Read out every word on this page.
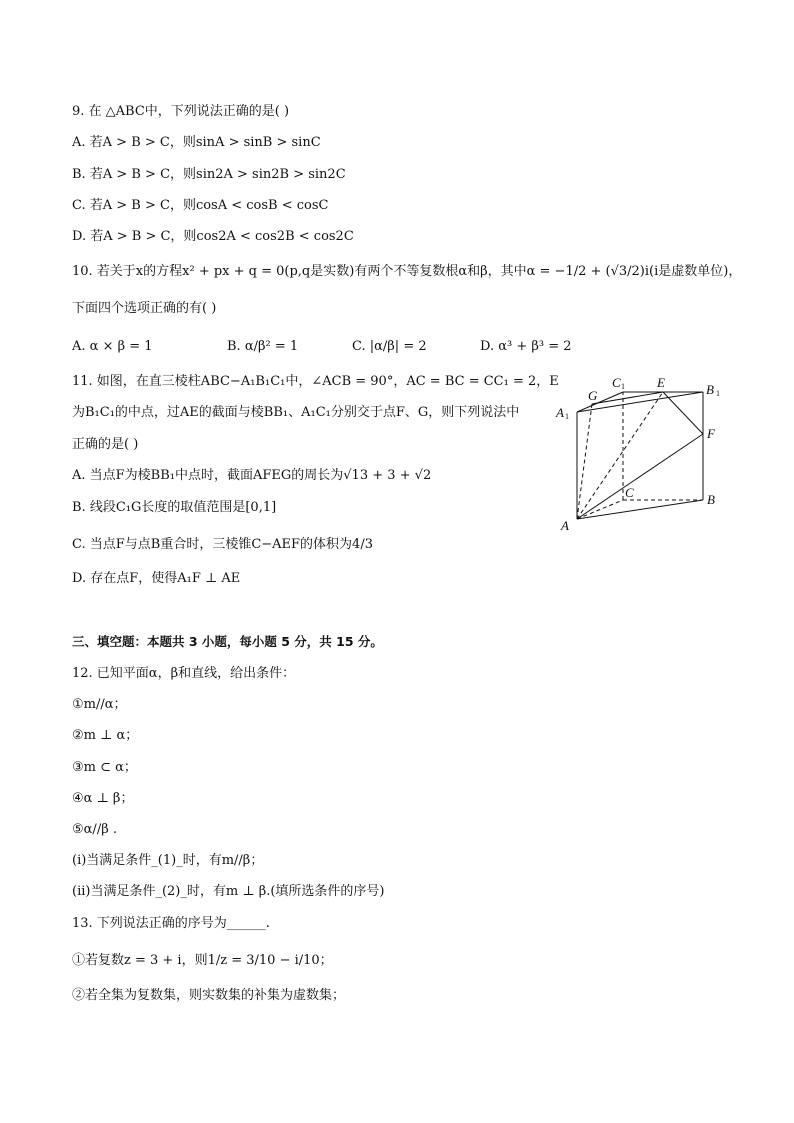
9. 在 △ABC中，下列说法正确的是( )
A. 若A > B > C，则sinA > sinB > sinC
B. 若A > B > C，则sin2A > sin2B > sin2C
C. 若A > B > C，则cosA < cosB < cosC
D. 若A > B > C，则cos2A < cos2B < cos2C
10. 若关于x的方程x² + px + q = 0(p,q是实数)有两个不等复数根α和β，其中α = −1/2 + (√3/2)i(i是虚数单位)，
下面四个选项正确的有( )
A. α × β = 1	B. α/β² = 1	C. |α/β| = 2	D. α³ + β³ = 2
11. 如图，在直三棱柱ABC−A₁B₁C₁中，∠ACB = 90°，AC = BC = CC₁ = 2，E
为B₁C₁的中点，过AE的截面与棱BB₁、A₁C₁分别交于点F、G，则下列说法中
正确的是( )
A. 当点F为棱BB₁中点时，截面AFEG的周长为√13 + 3 + √2
B. 线段C₁G长度的取值范围是[0,1]
C. 当点F与点B重合时，三棱锥C−AEF的体积为4/3
D. 存在点F，使得A₁F ⊥ AE
A
B
C
A 1
B 1
C 1 E
F
G
三、填空题：本题共 3 小题，每小题 5 分，共 15 分。
12. 已知平面α，β和直线，给出条件：
①m//α；
②m ⊥ α；
③m ⊂ α；
④α ⊥ β；
⑤α//β .
(i)当满足条件_(1)_时，有m//β；
(ii)当满足条件_(2)_时，有m ⊥ β.(填所选条件的序号)
13. 下列说法正确的序号为______.
①若复数z = 3 + i，则1/z = 3/10 − i/10；
②若全集为复数集，则实数集的补集为虚数集；
